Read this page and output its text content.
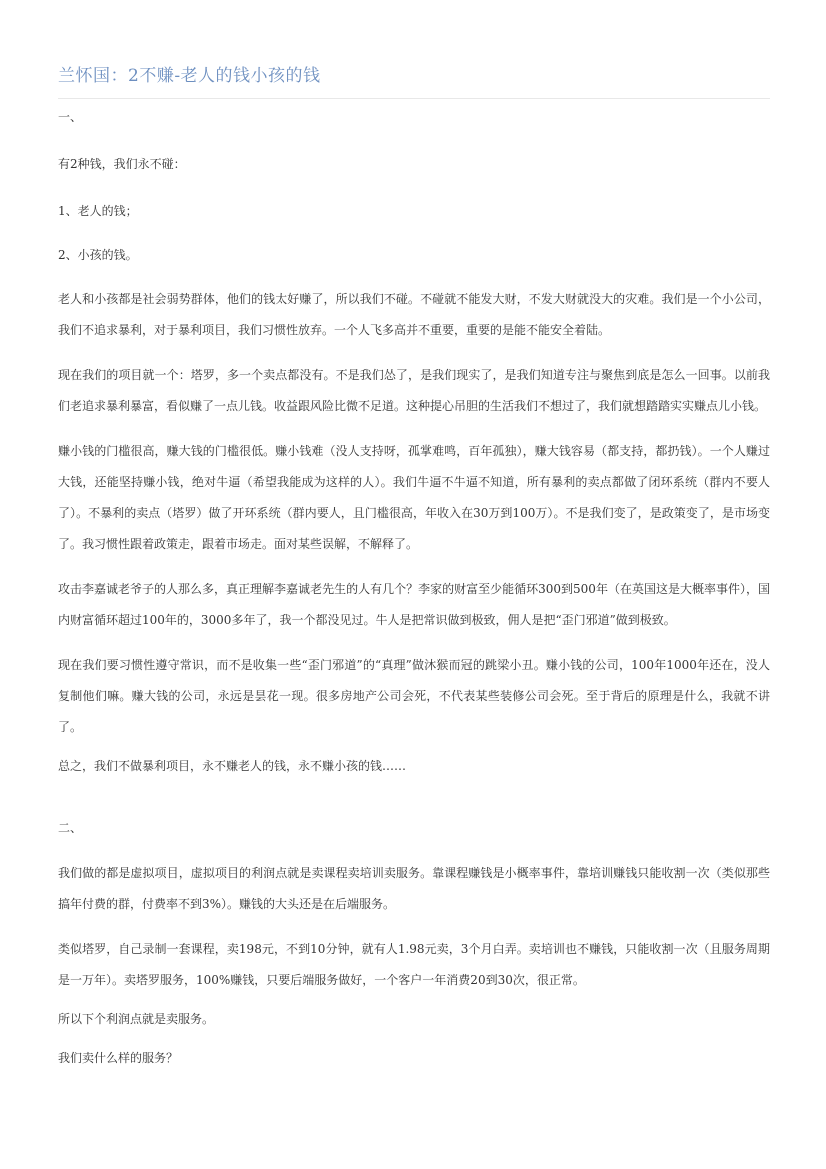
兰怀国：2不赚-老人的钱小孩的钱

一、

有2种钱，我们永不碰：

1、老人的钱；

2、小孩的钱。

老人和小孩都是社会弱势群体，他们的钱太好赚了，所以我们不碰。不碰就不能发大财，不发大财就没大的灾难。我们是一个小公司，我们不追求暴利，对于暴利项目，我们习惯性放弃。一个人飞多高并不重要，重要的是能不能安全着陆。

现在我们的项目就一个：塔罗，多一个卖点都没有。不是我们怂了，是我们现实了，是我们知道专注与聚焦到底是怎么一回事。以前我们老追求暴利暴富，看似赚了一点儿钱。收益跟风险比微不足道。这种提心吊胆的生活我们不想过了，我们就想踏踏实实赚点儿小钱。

赚小钱的门槛很高，赚大钱的门槛很低。赚小钱难（没人支持呀，孤掌难鸣，百年孤独），赚大钱容易（都支持，都扔钱）。一个人赚过大钱，还能坚持赚小钱，绝对牛逼（希望我能成为这样的人）。我们牛逼不牛逼不知道，所有暴利的卖点都做了闭环系统（群内不要人了）。不暴利的卖点（塔罗）做了开环系统（群内要人，且门槛很高，年收入在30万到100万）。不是我们变了，是政策变了，是市场变了。我习惯性跟着政策走，跟着市场走。面对某些误解，不解释了。

攻击李嘉诚老爷子的人那么多，真正理解李嘉诚老先生的人有几个？李家的财富至少能循环300到500年（在英国这是大概率事件），国内财富循环超过100年的，3000多年了，我一个都没见过。牛人是把常识做到极致，佣人是把“歪门邪道”做到极致。

现在我们要习惯性遵守常识，而不是收集一些“歪门邪道”的“真理”做沐猴而冠的跳梁小丑。赚小钱的公司，100年1000年还在，没人复制他们嘛。赚大钱的公司，永远是昙花一现。很多房地产公司会死，不代表某些装修公司会死。至于背后的原理是什么，我就不讲了。

总之，我们不做暴利项目，永不赚老人的钱，永不赚小孩的钱……

二、

我们做的都是虚拟项目，虚拟项目的利润点就是卖课程卖培训卖服务。靠课程赚钱是小概率事件，靠培训赚钱只能收割一次（类似那些搞年付费的群，付费率不到3%）。赚钱的大头还是在后端服务。

类似塔罗，自己录制一套课程，卖198元，不到10分钟，就有人1.98元卖，3个月白弄。卖培训也不赚钱，只能收割一次（且服务周期是一万年）。卖塔罗服务，100%赚钱，只要后端服务做好，一个客户一年消费20到30次，很正常。

所以下个利润点就是卖服务。

我们卖什么样的服务？
